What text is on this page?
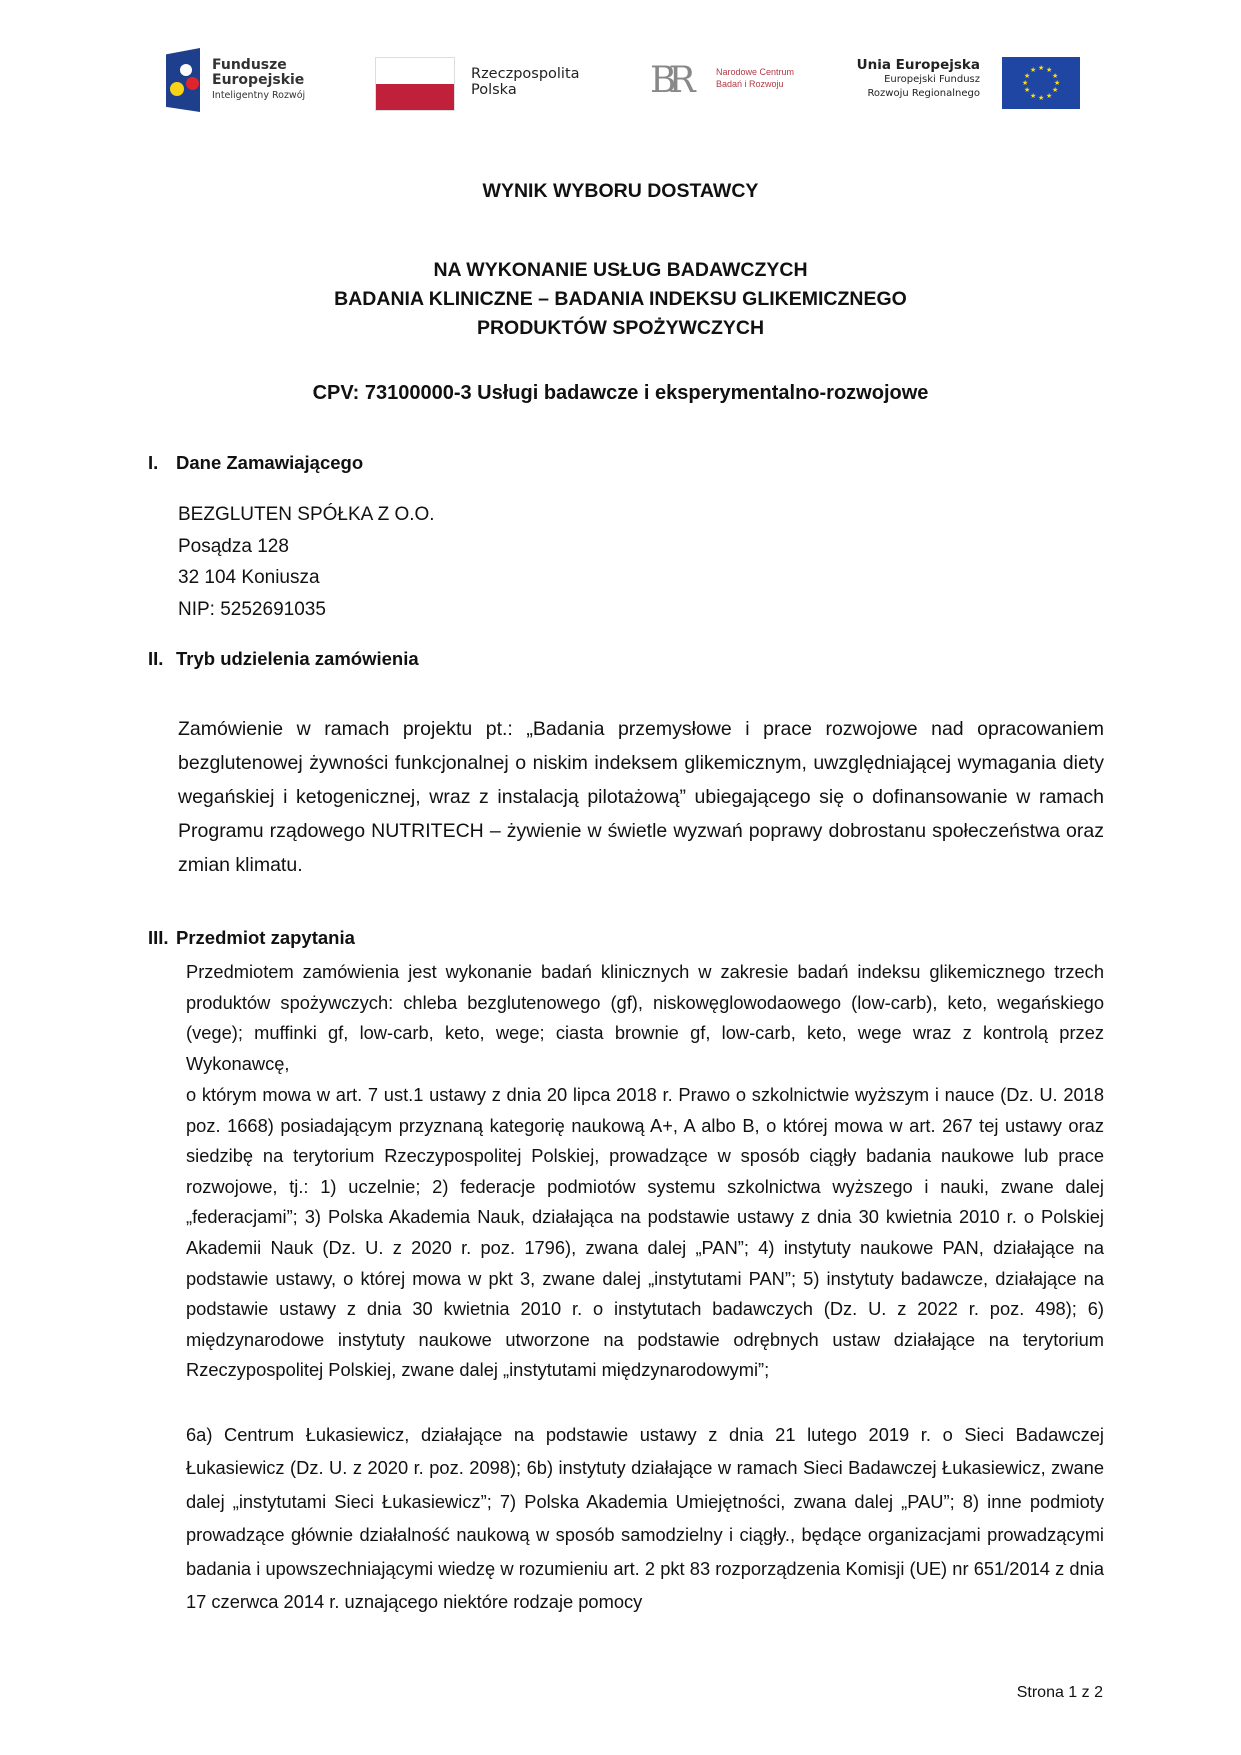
Fundusze
Europejskie
Inteligentny Rozwój
Rzeczpospolita
Polska	BR	Narodowe Centrum
Badań i Rozwoju
Unia Europejska
Europejski Fundusz
Rozwoju Regionalnego
★ ★
★
★
★
★
★
★
★
★
★
★
WYNIK WYBORU DOSTAWCY
NA WYKONANIE USŁUG BADAWCZYCH
BADANIA KLINICZNE – BADANIA INDEKSU GLIKEMICZNEGO
PRODUKTÓW SPOŻYWCZYCH
CPV: 73100000-3 Usługi badawcze i eksperymentalno-rozwojowe
I. Dane Zamawiającego
BEZGLUTEN SPÓŁKA Z O.O.
Posądza 128
32 104 Koniusza
NIP: 5252691035
II. Tryb udzielenia zamówienia
Zamówienie w ramach projektu pt.: „Badania przemysłowe i prace rozwojowe nad opracowaniem bezglutenowej żywności funkcjonalnej o niskim indeksem glikemicznym, uwzględniającej wymagania diety wegańskiej i ketogenicznej, wraz z instalacją pilotażową” ubiegającego się o dofinansowanie w ramach Programu rządowego NUTRITECH – żywienie w świetle wyzwań poprawy dobrostanu społeczeństwa oraz zmian klimatu.
III. Przedmiot zapytania
Przedmiotem zamówienia jest wykonanie badań klinicznych w zakresie badań indeksu glikemicznego trzech produktów spożywczych: chleba bezglutenowego (gf), niskowęglowodaowego (low-carb), keto, wegańskiego (vege); muffinki gf, low-carb, keto, wege; ciasta brownie gf, low-carb, keto, wege wraz z kontrolą przez Wykonawcę,
o którym mowa w art. 7 ust.1 ustawy z dnia 20 lipca 2018 r. Prawo o szkolnictwie wyższym i nauce (Dz. U. 2018 poz. 1668) posiadającym przyznaną kategorię naukową A+, A albo B, o której mowa w art. 267 tej ustawy oraz siedzibę na terytorium Rzeczypospolitej Polskiej, prowadzące w sposób ciągły badania naukowe lub prace rozwojowe, tj.: 1) uczelnie; 2) federacje podmiotów systemu szkolnictwa wyższego i nauki, zwane dalej „federacjami”; 3) Polska Akademia Nauk, działająca na podstawie ustawy z dnia 30 kwietnia 2010 r. o Polskiej Akademii Nauk (Dz. U. z 2020 r. poz. 1796), zwana dalej „PAN”; 4) instytuty naukowe PAN, działające na podstawie ustawy, o której mowa w pkt 3, zwane dalej „instytutami PAN”; 5) instytuty badawcze, działające na podstawie ustawy z dnia 30 kwietnia 2010 r. o instytutach badawczych (Dz. U. z 2022 r. poz. 498); 6) międzynarodowe instytuty naukowe utworzone na podstawie odrębnych ustaw działające na terytorium Rzeczypospolitej Polskiej, zwane dalej „instytutami międzynarodowymi”;
6a) Centrum Łukasiewicz, działające na podstawie ustawy z dnia 21 lutego 2019 r. o Sieci Badawczej Łukasiewicz (Dz. U. z 2020 r. poz. 2098); 6b) instytuty działające w ramach Sieci Badawczej Łukasiewicz, zwane dalej „instytutami Sieci Łukasiewicz”; 7) Polska Akademia Umiejętności, zwana dalej „PAU”; 8) inne podmioty prowadzące głównie działalność naukową w sposób samodzielny i ciągły., będące organizacjami prowadzącymi badania i upowszechniającymi wiedzę w rozumieniu art. 2 pkt 83 rozporządzenia Komisji (UE) nr 651/2014 z dnia 17 czerwca 2014 r. uznającego niektóre rodzaje pomocy
Strona 1 z 2
